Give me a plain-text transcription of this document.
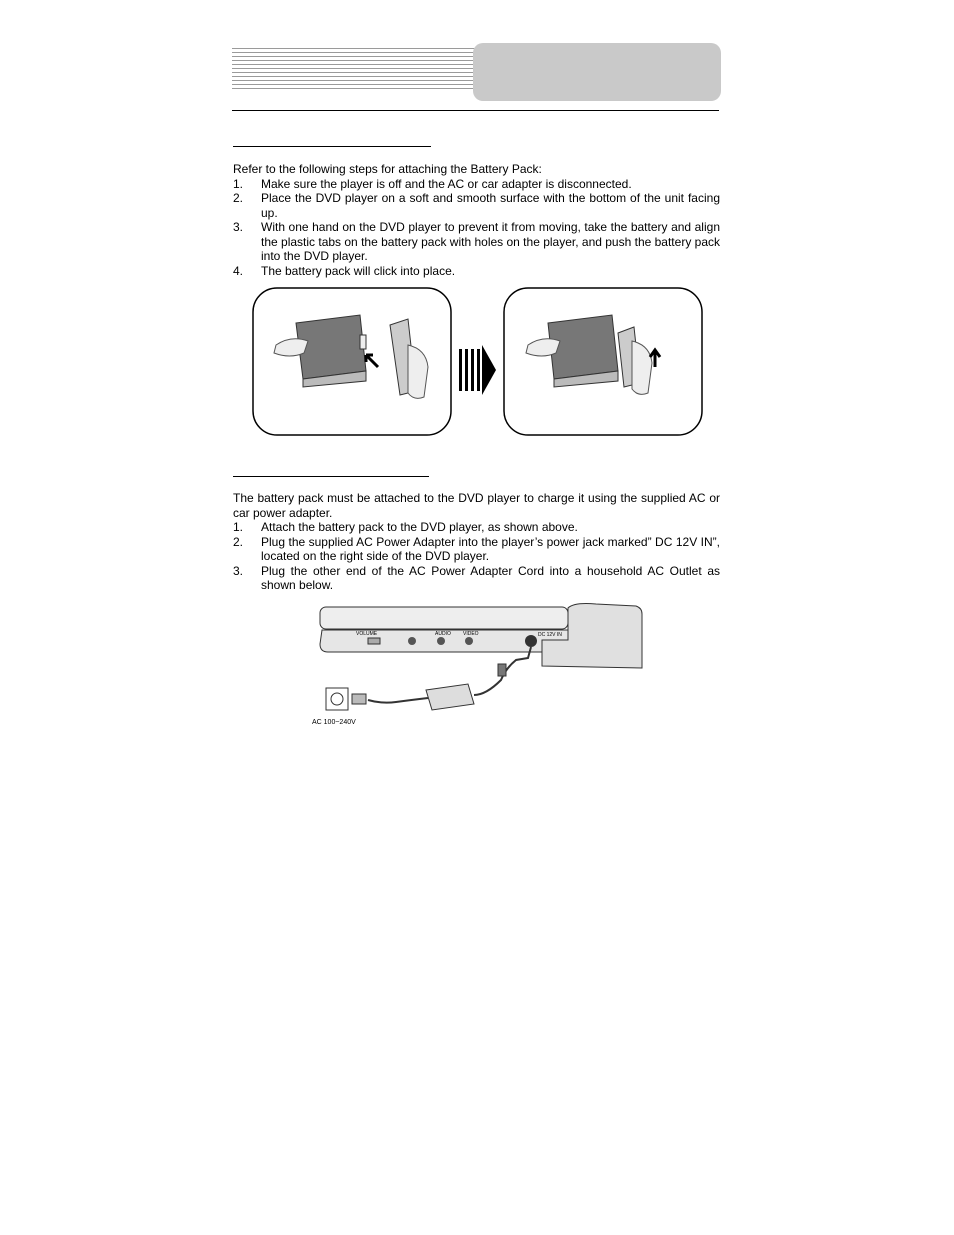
Refer to the following steps for attaching the Battery Pack:

1.	Make sure the player is off and the AC or car adapter is disconnected.
2.	Place the DVD player on a soft and smooth surface with the bottom of the unit facing up.
3.	With one hand on the DVD player to prevent it from moving, take the battery and align the plastic tabs on the battery pack with holes on the player, and push the battery pack into the DVD player.
4.	The battery pack will click into place.

The battery pack must be attached to the DVD player to charge it using the supplied AC or car power adapter.

1.	Attach the battery pack to the DVD player, as shown above.
2.	Plug the supplied AC Power Adapter into the player’s power jack marked” DC 12V IN”, located on the right side of the DVD player.
3.	Plug the other end of the AC Power Adapter Cord into a household AC Outlet as shown below.
VOLUME	AUDIO VIDEO	DC 12V IN
AC 100~240V
